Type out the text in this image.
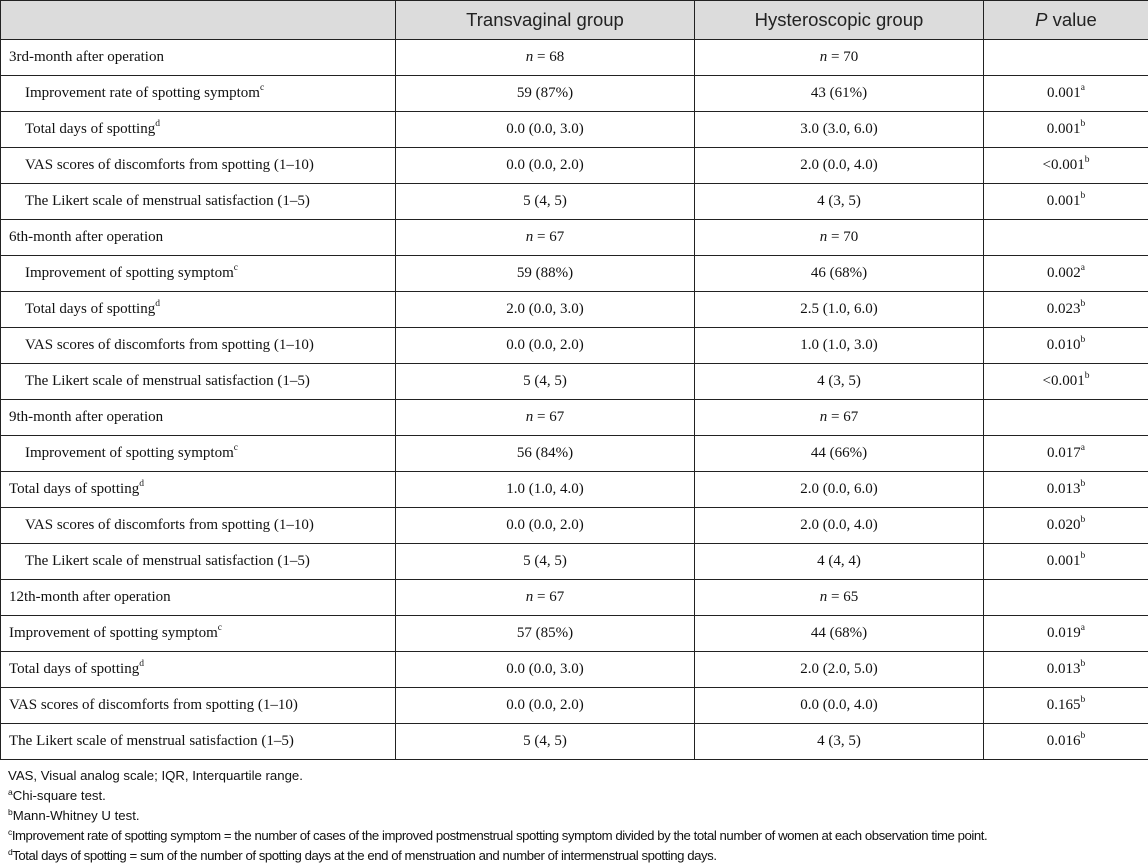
	Transvaginal group	Hysteroscopic group	P value
3rd-month after operation	n = 68	n = 70	
Improvement rate of spotting symptom$^c$	59 (87%)	43 (61%)	0.001$^a$
Total days of spotting$^d$	0.0 (0.0, 3.0)	3.0 (3.0, 6.0)	0.001$^b$
VAS scores of discomforts from spotting (1–10)	0.0 (0.0, 2.0)	2.0 (0.0, 4.0)	<0.001$^b$
The Likert scale of menstrual satisfaction (1–5)	5 (4, 5)	4 (3, 5)	0.001$^b$
6th-month after operation	n = 67	n = 70	
Improvement of spotting symptom$^c$	59 (88%)	46 (68%)	0.002$^a$
Total days of spotting$^d$	2.0 (0.0, 3.0)	2.5 (1.0, 6.0)	0.023$^b$
VAS scores of discomforts from spotting (1–10)	0.0 (0.0, 2.0)	1.0 (1.0, 3.0)	0.010$^b$
The Likert scale of menstrual satisfaction (1–5)	5 (4, 5)	4 (3, 5)	<0.001$^b$
9th-month after operation	n = 67	n = 67	
Improvement of spotting symptom$^c$	56 (84%)	44 (66%)	0.017$^a$
Total days of spotting$^d$	1.0 (1.0, 4.0)	2.0 (0.0, 6.0)	0.013$^b$
VAS scores of discomforts from spotting (1–10)	0.0 (0.0, 2.0)	2.0 (0.0, 4.0)	0.020$^b$
The Likert scale of menstrual satisfaction (1–5)	5 (4, 5)	4 (4, 4)	0.001$^b$
12th-month after operation	n = 67	n = 65	
Improvement of spotting symptom$^c$	57 (85%)	44 (68%)	0.019$^a$
Total days of spotting$^d$	0.0 (0.0, 3.0)	2.0 (2.0, 5.0)	0.013$^b$
VAS scores of discomforts from spotting (1–10)	0.0 (0.0, 2.0)	0.0 (0.0, 4.0)	0.165$^b$
The Likert scale of menstrual satisfaction (1–5)	5 (4, 5)	4 (3, 5)	0.016$^b$
VAS, Visual analog scale; IQR, Interquartile range.
$^a$Chi-square test.
$^b$Mann-Whitney U test.
$^c$Improvement rate of spotting symptom = the number of cases of the improved postmenstrual spotting symptom divided by the total number of women at each observation time point.
$^d$Total days of spotting = sum of the number of spotting days at the end of menstruation and number of intermenstrual spotting days.
